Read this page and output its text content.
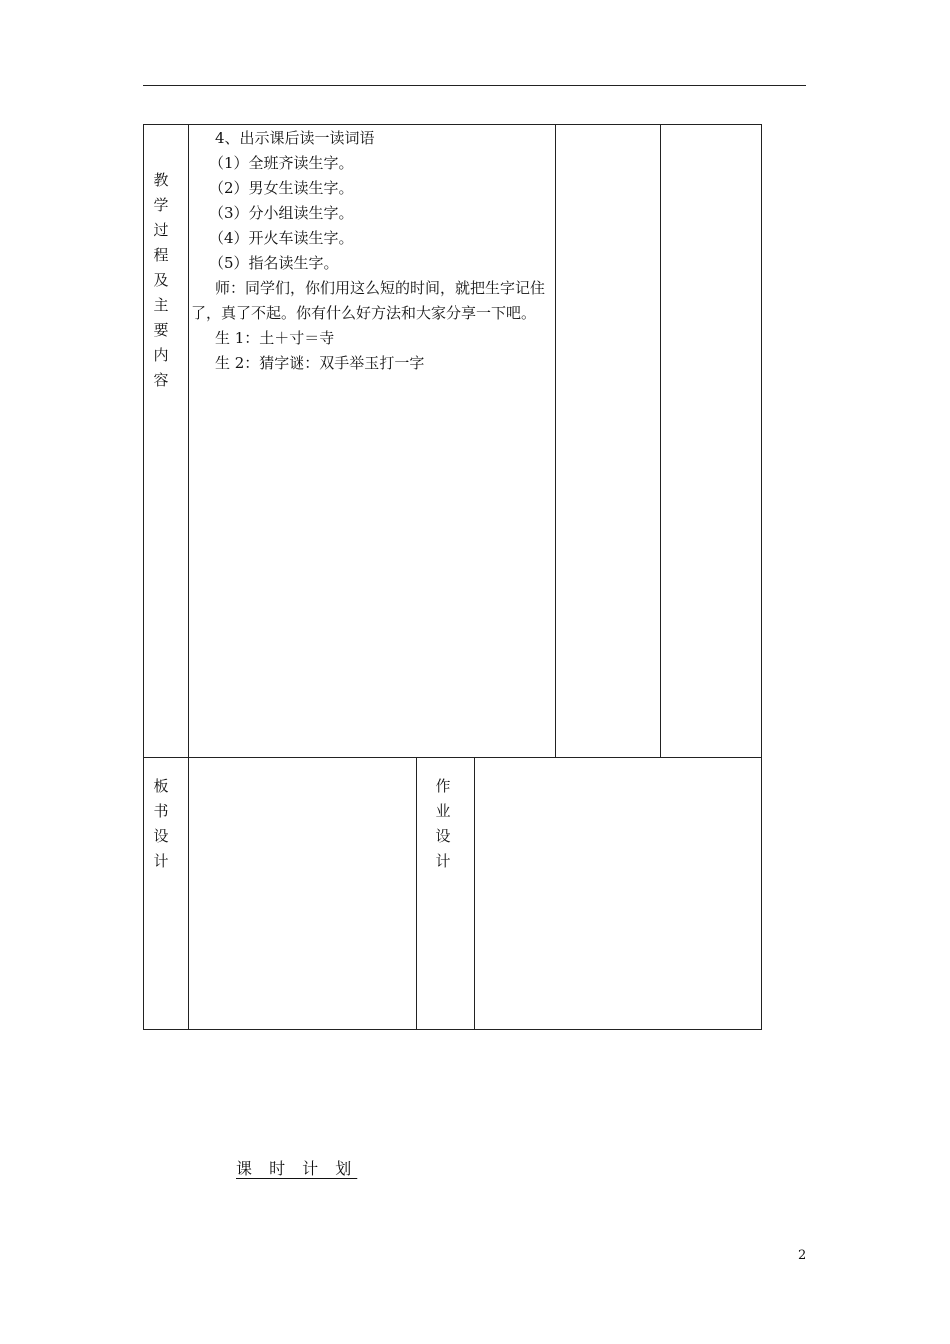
教学过程及主要内容
4、出示课后读一读词语
（1）全班齐读生字。
（2）男女生读生字。
（3）分小组读生字。
（4）开火车读生字。
（5）指名读生字。
师：同学们，你们用这么短的时间，就把生字记住了，真了不起。你有什么好方法和大家分享一下吧。
生 1：土＋寸＝寺
生 2：猜字谜：双手举玉打一字
板书设计
作业设计
课 时 计 划
2
